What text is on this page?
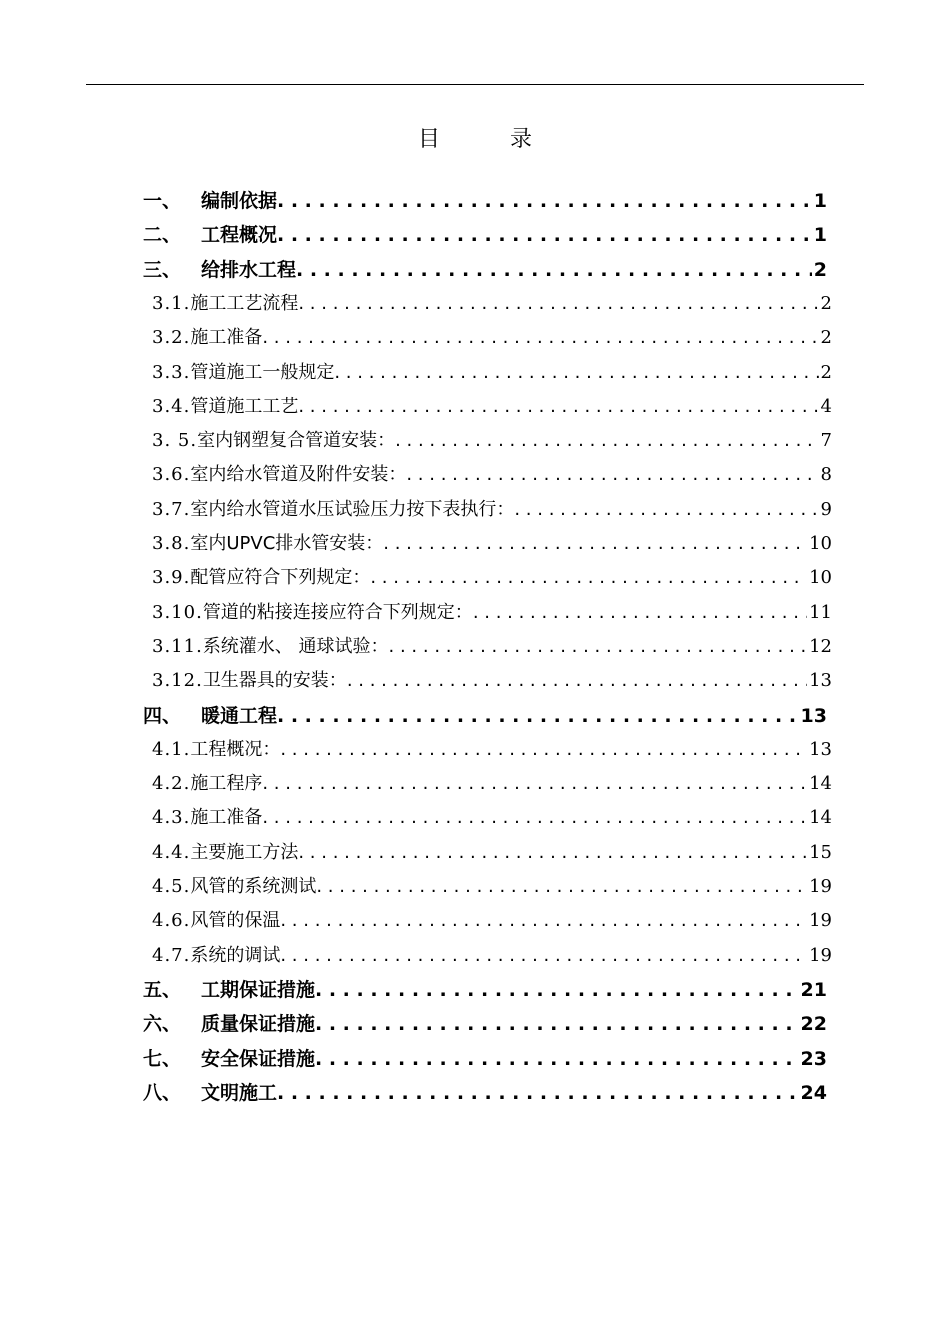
目	录
一、	编制依据 . . .	1
二、	工程概况 . . .	1
三、	给排水工程 . . .	2
3.1. 施工工艺流程 . . .	2
3.2. 施工准备 . . .	2
3.3. 管道施工一般规定 . . .	2
3.4. 管道施工工艺 . . .	4
3. 5. 室内钢塑复合管道安装： . . .	7
3.6. 室内给水管道及附件安装： . . .	8
3.7. 室内给水管道水压试验压力按下表执行： . . .	9
3.8. 室内UPVC排水管安装： . . .	10
3.9. 配管应符合下列规定： . . .	10
3.10. 管道的粘接连接应符合下列规定： . . .	11
3.11. 系统灌水、 通球试验： . . .	12
3.12. 卫生器具的安装： . . .	13
四、	暖通工程 . . .	13
4.1. 工程概况： . . .	13
4.2. 施工程序 . . .	14
4.3. 施工准备 . . .	14
4.4. 主要施工方法 . . .	15
4.5. 风管的系统测试 . . .	19
4.6. 风管的保温 . . .	19
4.7. 系统的调试 . . .	19
五、	工期保证措施 . . .	21
六、	质量保证措施 . . .	22
七、	安全保证措施 . . .	23
八、	文明施工 . . .	24
